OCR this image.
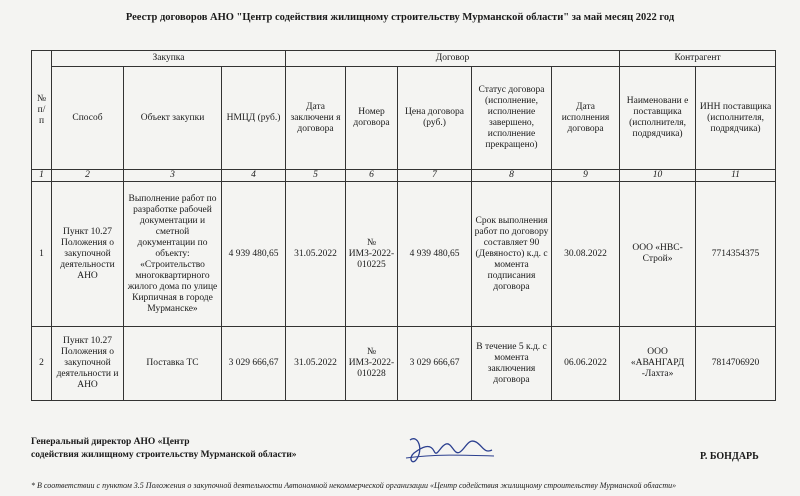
Реестр договоров АНО "Центр содействия жилищному строительству Мурманской области" за май месяц 2022 год
№ п/ п	Закупка			Договор					Контрагент	
	Способ	Объект закупки	НМЦД (руб.)	Дата заключени я договора	Номер договора	Цена договора (руб.)	Статус договора (исполнение, исполнение завершено, исполнение прекращено)	Дата исполнения договора	Наименовани е поставщика (исполнителя, подрядчика)	ИНН поставщика (исполнителя, подрядчика)
1	2	3	4	5	6	7	8	9	10	11
1	Пункт 10.27 Положения о закупочной деятельности АНО	Выполнение работ по разработке рабочей документации и сметной документации по объекту: «Строительство многоквартирного жилого дома по улице Кирпичная в городе Мурманске»	4 939 480,65	31.05.2022	№ ИМЗ-2022-010225	4 939 480,65	Срок выполнения работ по договору составляет 90 (Девяносто) к.д. с момента подписания договора	30.08.2022	ООО «НВС-Строй»	7714354375
2	Пункт 10.27 Положения о закупочной деятельности и АНО	Поставка ТС	3 029 666,67	31.05.2022	№ ИМЗ-2022-010228	3 029 666,67	В течение 5 к.д. с момента заключения договора	06.06.2022	ООО «АВАНГАРД -Лахта»	7814706920
Генеральный директор АНО «Центр
содействия жилищному строительству Мурманской области»	Р. БОНДАРЬ
* В соответствии с пунктом 3.5 Положения о закупочной деятельности Автономной некоммерческой организации «Центр содействия жилищному строительству Мурманской области»
